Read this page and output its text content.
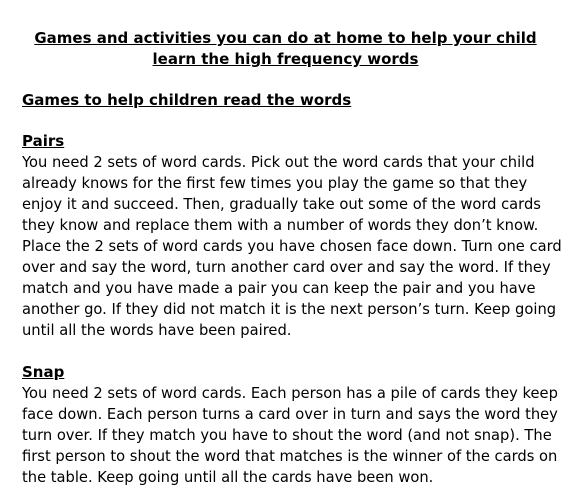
Games and activities you can do at home to help your child learn the high frequency words
Games to help children read the words
Pairs

You need 2 sets of word cards. Pick out the word cards that your child
already knows for the first few times you play the game so that they
enjoy it and succeed. Then, gradually take out some of the word cards
they know and replace them with a number of words they don’t know.
Place the 2 sets of word cards you have chosen face down. Turn one card
over and say the word, turn another card over and say the word. If they
match and you have made a pair you can keep the pair and you have
another go. If they did not match it is the next person’s turn. Keep going
until all the words have been paired.

Snap

You need 2 sets of word cards. Each person has a pile of cards they keep
face down. Each person turns a card over in turn and says the word they
turn over. If they match you have to shout the word (and not snap). The
first person to shout the word that matches is the winner of the cards on
the table. Keep going until all the cards have been won.
